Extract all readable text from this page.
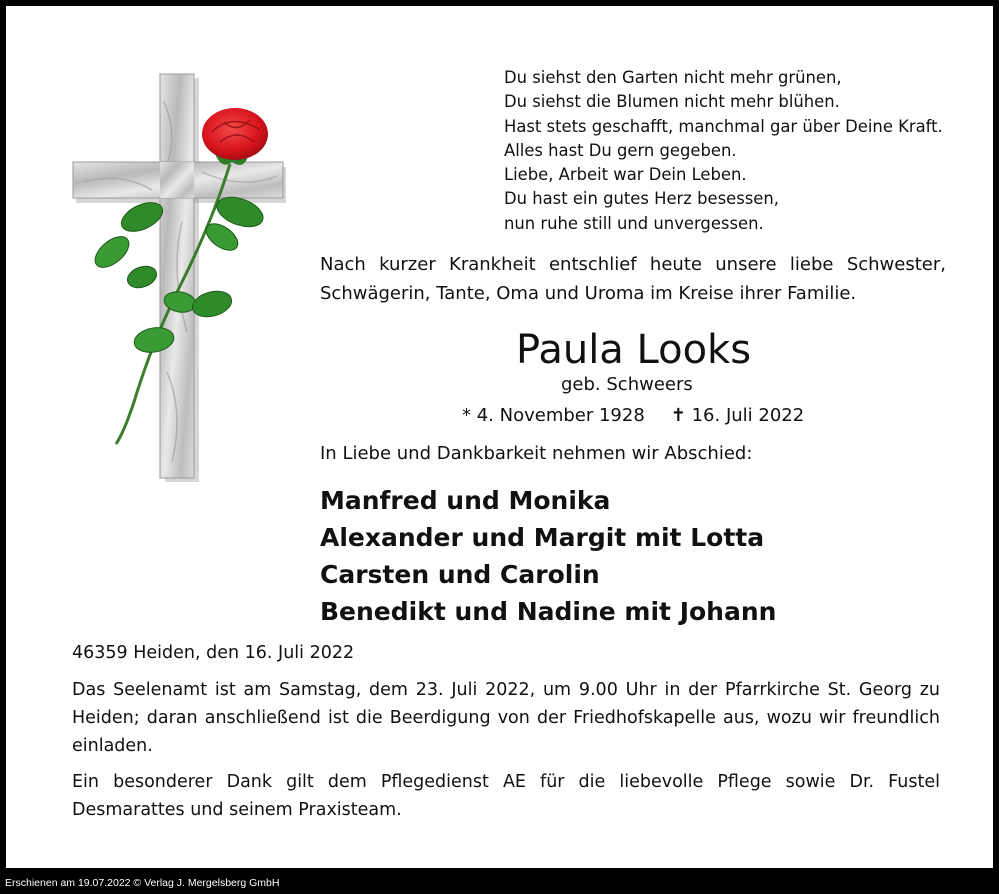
Du siehst den Garten nicht mehr grünen,
Du siehst die Blumen nicht mehr blühen.
Hast stets geschafft, manchmal gar über Deine Kraft.
Alles hast Du gern gegeben.
Liebe, Arbeit war Dein Leben.
Du hast ein gutes Herz besessen,
nun ruhe still und unvergessen.
Nach kurzer Krankheit entschlief heute unsere liebe Schwester, Schwägerin, Tante, Oma und Uroma im Kreise ihrer Familie.
Paula Looks
geb. Schweers
* 4. November 1928 ✝ 16. Juli 2022
In Liebe und Dankbarkeit nehmen wir Abschied:
Manfred und Monika
Alexander und Margit mit Lotta
Carsten und Carolin
Benedikt und Nadine mit Johann
46359 Heiden, den 16. Juli 2022
Das Seelenamt ist am Samstag, dem 23. Juli 2022, um 9.00 Uhr in der Pfarrkirche St. Georg zu Heiden; daran anschließend ist die Beerdigung von der Friedhofskapelle aus, wozu wir freundlich einladen.
Ein besonderer Dank gilt dem Pflegedienst AE für die liebevolle Pflege sowie Dr. Fustel Desmarattes und seinem Praxisteam.
Erschienen am 19.07.2022 © Verlag J. Mergelsberg GmbH
